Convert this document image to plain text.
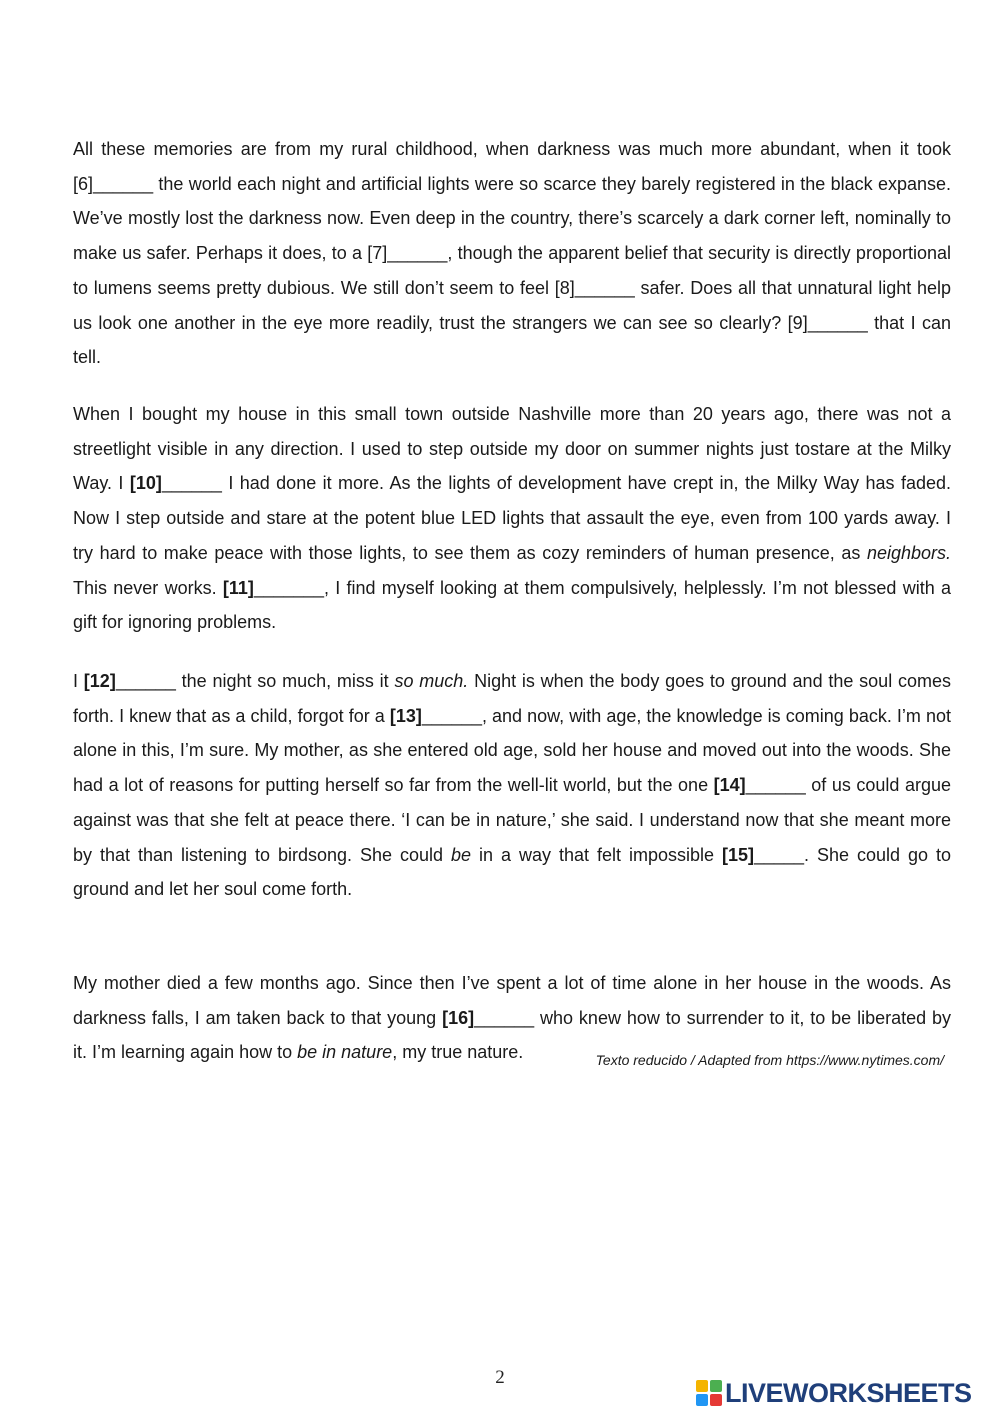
All these memories are from my rural childhood, when darkness was much more abundant, when it took [6]______ the world each night and artificial lights were so scarce they barely registered in the black expanse. We’ve mostly lost the darkness now. Even deep in the country, there’s scarcely a dark corner left, nominally to make us safer. Perhaps it does, to a [7]______, though the apparent belief that security is directly proportional to lumens seems pretty dubious. We still don’t seem to feel [8]______ safer. Does all that unnatural light help us look one another in the eye more readily, trust the strangers we can see so clearly? [9]______ that I can tell.

When I bought my house in this small town outside Nashville more than 20 years ago, there was not a streetlight visible in any direction. I used to step outside my door on summer nights just tostare at the Milky Way. I [10]______ I had done it more. As the lights of development have crept in, the Milky Way has faded. Now I step outside and stare at the potent blue LED lights that assault the eye, even from 100 yards away. I try hard to make peace with those lights, to see them as cozy reminders of human presence, as neighbors. This never works. [11]_______, I find myself looking at them compulsively, helplessly. I’m not blessed with a gift for ignoring problems.

I [12]______ the night so much, miss it so much. Night is when the body goes to ground and the soul comes forth. I knew that as a child, forgot for a [13]______, and now, with age, the knowledge is coming back. I’m not alone in this, I’m sure. My mother, as she entered old age, sold her house and moved out into the woods. She had a lot of reasons for putting herself so far from the well-lit world, but the one [14]______ of us could argue against was that she felt at peace there. ‘I can be in nature,’ she said. I understand now that she meant more by that than listening to birdsong. She could be in a way that felt impossible [15]_____. She could go to ground and let her soul come forth.

My mother died a few months ago. Since then I’ve spent a lot of time alone in her house in the woods. As darkness falls, I am taken back to that young [16]______ who knew how to surrender to it, to be liberated by it. I’m learning again how to be in nature, my true nature.	Texto reducido / Adapted from https://www.nytimes.com/
2	LIVEWORKSHEETS
